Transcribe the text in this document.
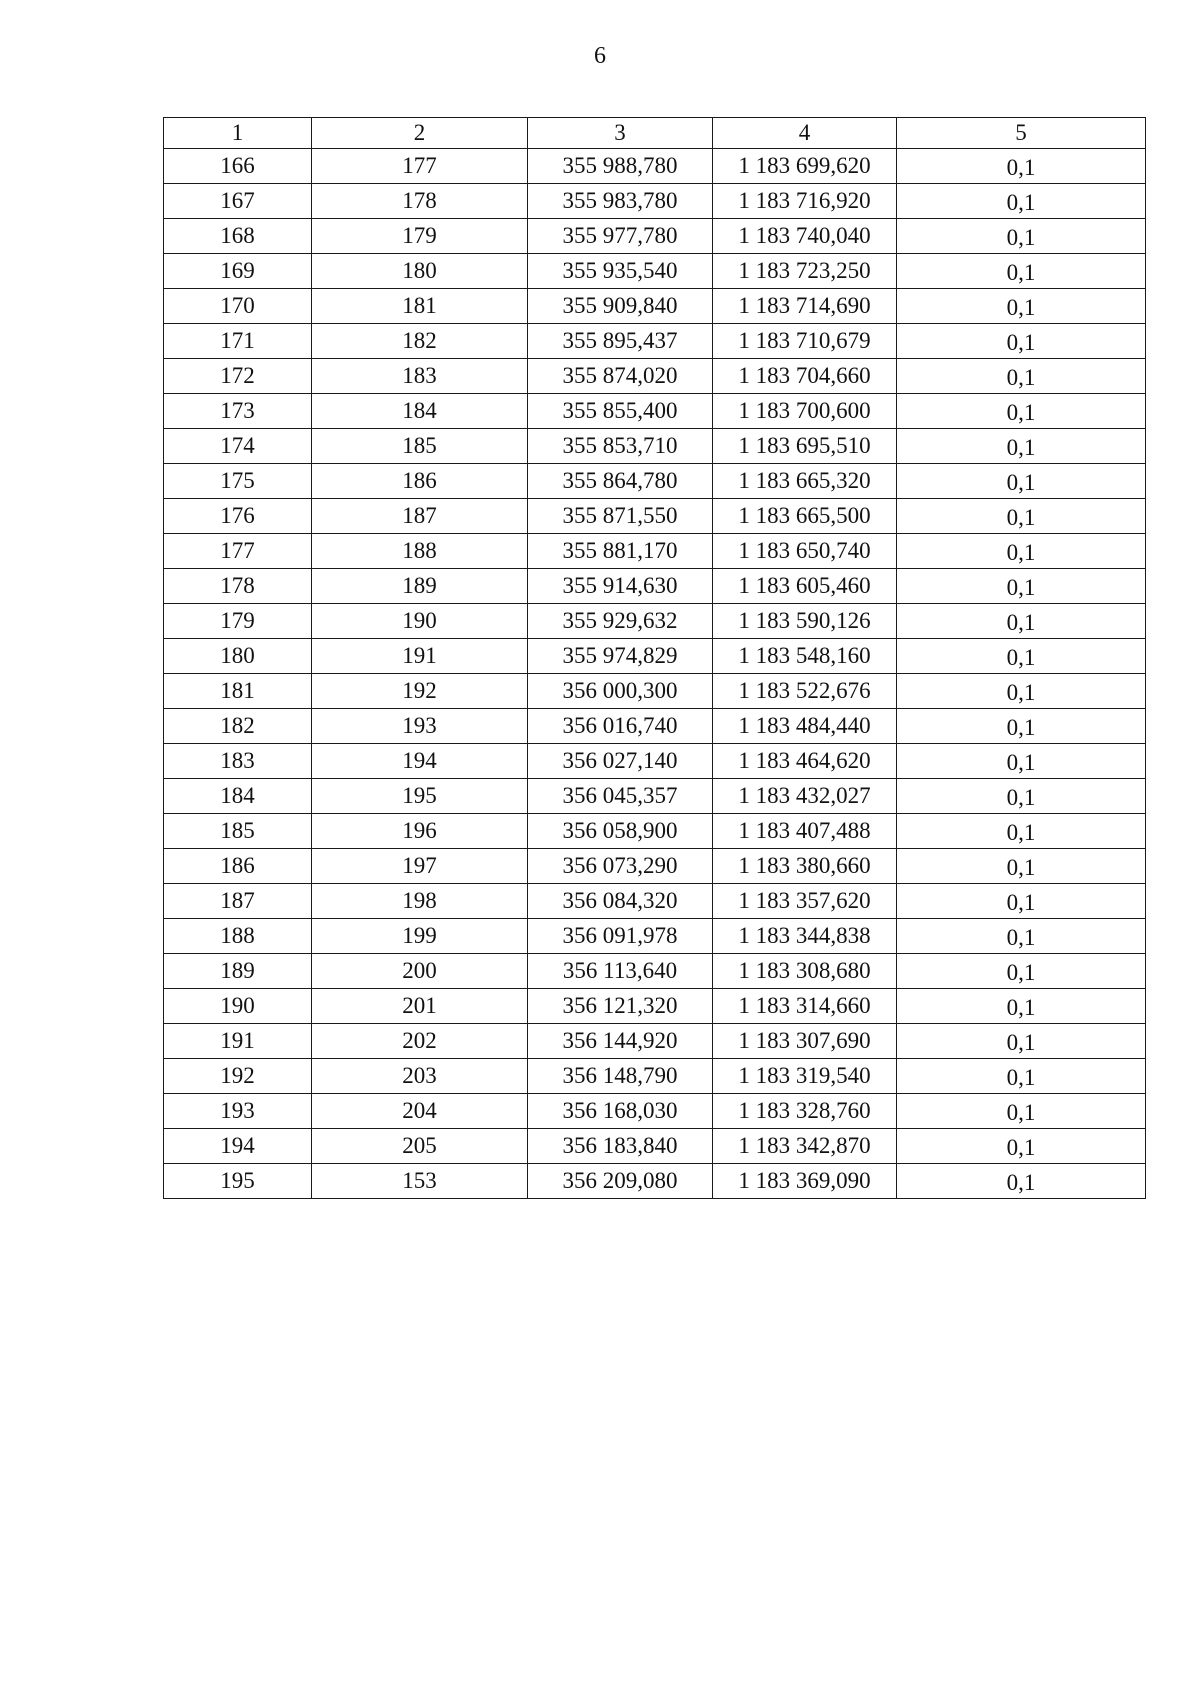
6
1	2	3	4	5
166	177	355 988,780	1 183 699,620	0,1
167	178	355 983,780	1 183 716,920	0,1
168	179	355 977,780	1 183 740,040	0,1
169	180	355 935,540	1 183 723,250	0,1
170	181	355 909,840	1 183 714,690	0,1
171	182	355 895,437	1 183 710,679	0,1
172	183	355 874,020	1 183 704,660	0,1
173	184	355 855,400	1 183 700,600	0,1
174	185	355 853,710	1 183 695,510	0,1
175	186	355 864,780	1 183 665,320	0,1
176	187	355 871,550	1 183 665,500	0,1
177	188	355 881,170	1 183 650,740	0,1
178	189	355 914,630	1 183 605,460	0,1
179	190	355 929,632	1 183 590,126	0,1
180	191	355 974,829	1 183 548,160	0,1
181	192	356 000,300	1 183 522,676	0,1
182	193	356 016,740	1 183 484,440	0,1
183	194	356 027,140	1 183 464,620	0,1
184	195	356 045,357	1 183 432,027	0,1
185	196	356 058,900	1 183 407,488	0,1
186	197	356 073,290	1 183 380,660	0,1
187	198	356 084,320	1 183 357,620	0,1
188	199	356 091,978	1 183 344,838	0,1
189	200	356 113,640	1 183 308,680	0,1
190	201	356 121,320	1 183 314,660	0,1
191	202	356 144,920	1 183 307,690	0,1
192	203	356 148,790	1 183 319,540	0,1
193	204	356 168,030	1 183 328,760	0,1
194	205	356 183,840	1 183 342,870	0,1
195	153	356 209,080	1 183 369,090	0,1
